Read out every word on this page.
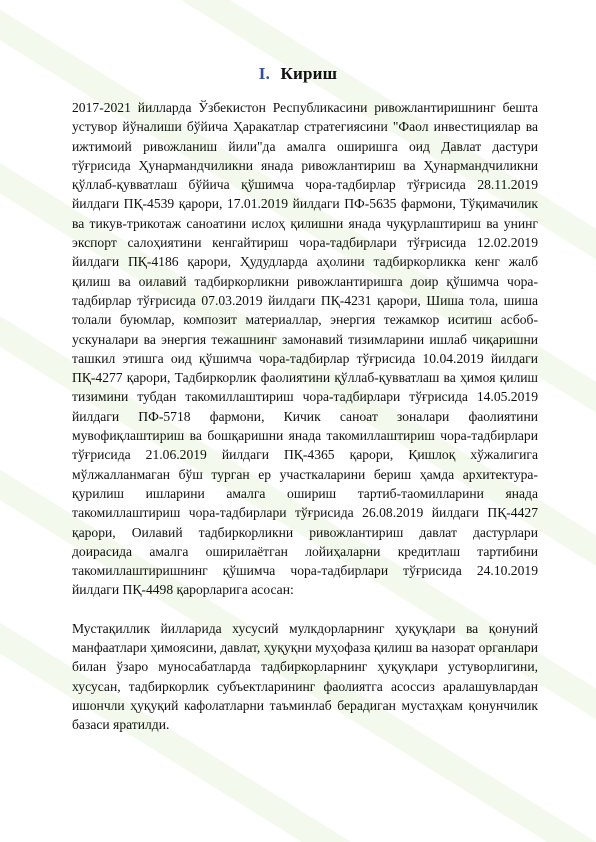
I. Кириш

2017-2021 йилларда Ўзбекистон Республикасини ривожлантиришнинг бешта устувор йўналиши бўйича Ҳаракатлар стратегиясини "Фаол инвестициялар ва ижтимоий ривожланиш йили"да амалга оширишга оид Давлат дастури тўғрисида Ҳунармандчиликни янада ривожлантириш ва Ҳунармандчиликни қўллаб-қувватлаш бўйича қўшимча чора-тадбирлар тўғрисида 28.11.2019 йилдаги ПҚ-4539 қарори, 17.01.2019 йилдаги ПФ-5635 фармони, Тўқимачилик ва тикув-трикотаж саноатини ислоҳ қилишни янада чуқурлаштириш ва унинг экспорт салоҳиятини кенгайтириш чора-тадбирлари тўғрисида 12.02.2019 йилдаги ПҚ-4186 қарори, Ҳудудларда аҳолини тадбиркорликка кенг жалб қилиш ва оилавий тадбиркорликни ривожлантиришга доир қўшимча чора-тадбирлар тўғрисида 07.03.2019 йилдаги ПҚ-4231 қарори, Шиша тола, шиша толали буюмлар, композит материаллар, энергия тежамкор иситиш асбоб-ускуналари ва энергия тежашнинг замонавий тизимларини ишлаб чиқаришни ташкил этишга оид қўшимча чора-тадбирлар тўғрисида 10.04.2019 йилдаги ПҚ-4277 қарори, Тадбиркорлик фаолиятини қўллаб-қувватлаш ва ҳимоя қилиш тизимини тубдан такомиллаштириш чора-тадбирлари тўғрисида 14.05.2019 йилдаги ПФ-5718 фармони, Кичик саноат зоналари фаолиятини мувофиқлаштириш ва бошқаришни янада такомиллаштириш чора-тадбирлари тўғрисида 21.06.2019 йилдаги ПҚ-4365 қарори, Қишлоқ хўжалигига мўлжалланмаган бўш турган ер участкаларини бериш ҳамда архитектура-қурилиш ишларини амалга ошириш тартиб-таомилларини янада такомиллаштириш чора-тадбирлари тўғрисида 26.08.2019 йилдаги ПҚ-4427 қарори, Оилавий тадбиркорликни ривожлантириш давлат дастурлари доирасида амалга оширилаётган лойиҳаларни кредитлаш тартибини такомиллаштиришнинг қўшимча чора-тадбирлари тўғрисида 24.10.2019 йилдаги ПҚ-4498 қарорларига асосан:

Мустақиллик йилларида хусусий мулкдорларнинг ҳуқуқлари ва қонуний манфаатлари ҳимоясини, давлат, ҳуқуқни муҳофаза қилиш ва назорат органлари билан ўзаро муносабатларда тадбиркорларнинг ҳуқуқлари устуворлигини, хусусан, тадбиркорлик субъектларининг фаолиятга асоссиз аралашувлардан ишончли ҳуқуқий кафолатларни таъминлаб берадиган мустаҳкам қонунчилик базаси яратилди.
